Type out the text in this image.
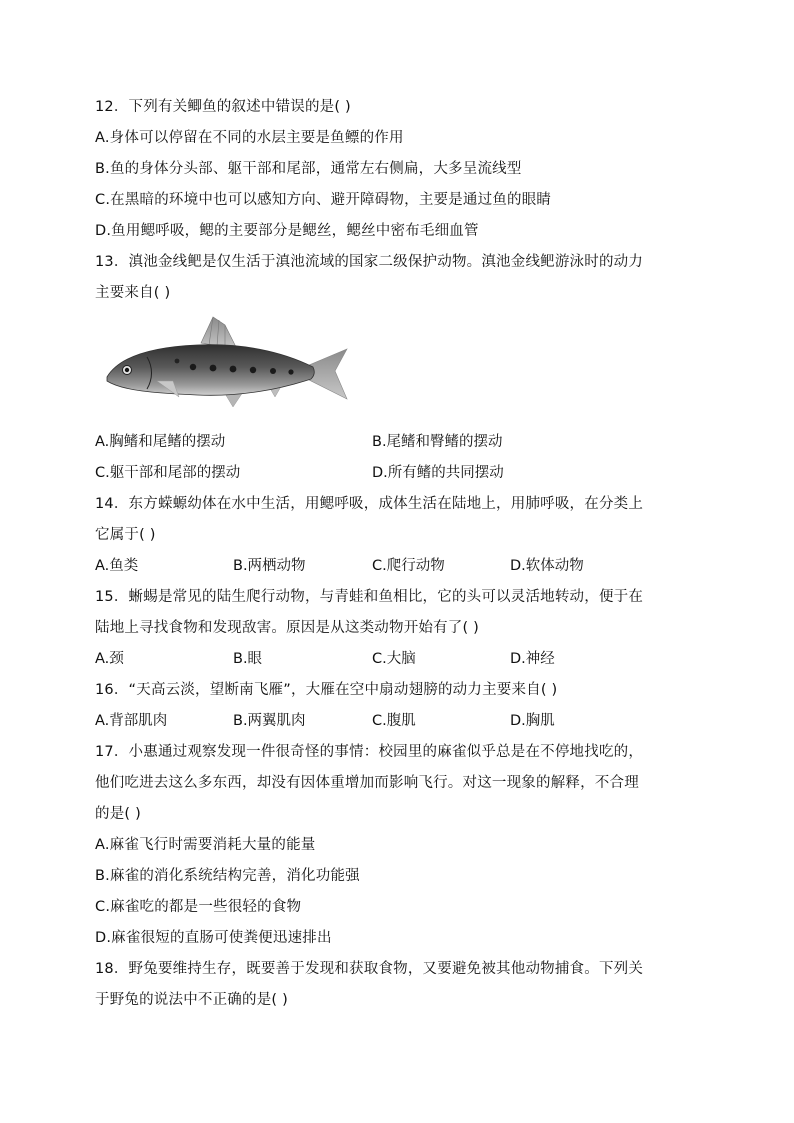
12．下列有关鲫鱼的叙述中错误的是( )
A.身体可以停留在不同的水层主要是鱼鳔的作用
B.鱼的身体分头部、躯干部和尾部，通常左右侧扁，大多呈流线型
C.在黑暗的环境中也可以感知方向、避开障碍物，主要是通过鱼的眼睛
D.鱼用鳃呼吸，鳃的主要部分是鳃丝，鳃丝中密布毛细血管
13．滇池金线鲃是仅生活于滇池流域的国家二级保护动物。滇池金线鲃游泳时的动力
主要来自( )
A.胸鳍和尾鳍的摆动	B.尾鳍和臀鳍的摆动
C.躯干部和尾部的摆动	D.所有鳍的共同摆动
14．东方蝾螈幼体在水中生活，用鳃呼吸，成体生活在陆地上，用肺呼吸，在分类上
它属于( )
A.鱼类	B.两栖动物	C.爬行动物	D.软体动物
15．蜥蜴是常见的陆生爬行动物，与青蛙和鱼相比，它的头可以灵活地转动，便于在
陆地上寻找食物和发现敌害。原因是从这类动物开始有了( )
A.颈	B.眼	C.大脑	D.神经
16．“天高云淡，望断南飞雁”，大雁在空中扇动翅膀的动力主要来自( )
A.背部肌肉	B.两翼肌肉	C.腹肌	D.胸肌
17．小惠通过观察发现一件很奇怪的事情：校园里的麻雀似乎总是在不停地找吃的，
他们吃进去这么多东西，却没有因体重增加而影响飞行。对这一现象的解释，不合理
的是( )
A.麻雀飞行时需要消耗大量的能量
B.麻雀的消化系统结构完善，消化功能强
C.麻雀吃的都是一些很轻的食物
D.麻雀很短的直肠可使粪便迅速排出
18．野兔要维持生存，既要善于发现和获取食物，又要避免被其他动物捕食。下列关
于野兔的说法中不正确的是( )
